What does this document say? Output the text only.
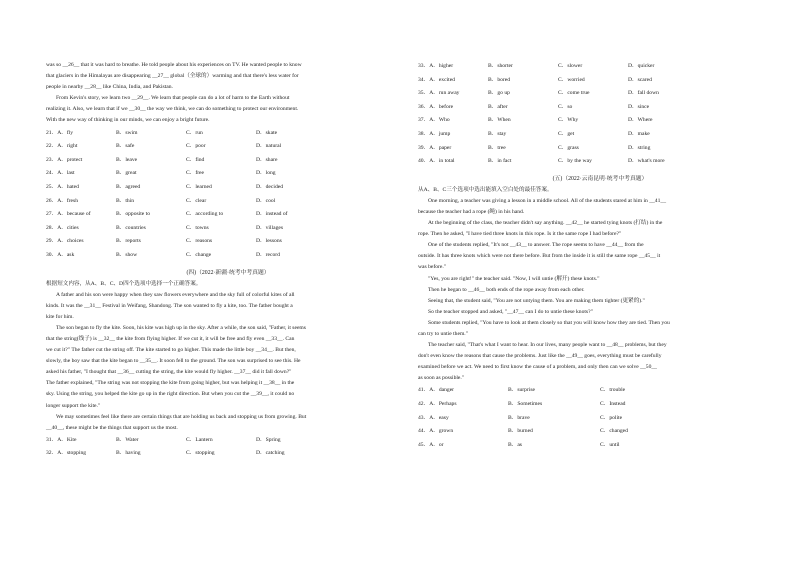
was so __26__ that it was hard to breathe. He told people about his experiences on TV. He wanted people to know

that glaciers in the Himalayas are disappearing __27__ global（全球的）warming and that there's less water for

people in nearby __28__ like China, India, and Pakistan.

From Kevin's story, we learn two __29__. We learn that people can do a lot of harm to the Earth without

realizing it. Also, we learn that if we __30__ the way we think, we can do something to protect our environment.

With the new way of thinking in our minds, we can enjoy a bright future.

21．A．fly	B．swim	C．run	D．skate
22．A．right	B．safe	C．poor	D．natural
23．A．protect	B．leave	C．find	D．share
24．A．last	B．great	C．free	D．long
25．A．hated	B．agreed	C．learned	D．decided
26．A．fresh	B．thin	C．clear	D．cool
27．A．because of	B．opposite to	C．according to	D．instead of
28．A．cities	B．countries	C．towns	D．villages
29．A．choices	B．reports	C．reasons	D．lessons
30．A．ask	B．show	C．change	D．record
(四)（2022·新疆·统考中考真题）

根据短文内容，从A、B、C、D四个选项中选择一个正确答案。

A father and his son were happy when they saw flowers everywhere and the sky full of colorful kites of all

kinds. It was the __31__ Festival in Weifang, Shandong. The son wanted to fly a kite, too. The father bought a

kite for him.

The son began to fly the kite. Soon, his kite was high up in the sky. After a while, the son said, "Father, it seems

that the string(线子) is __32__ the kite from flying higher. If we cut it, it will be free and fly even __33__. Can

we cut it?" The father cut the string off. The kite started to go higher. This made the little boy __34__. But then,

slowly, the boy saw that the kite began to __35__. It soon fell to the ground. The son was surprised to see this. He

asked his father, "I thought that __36__ cutting the string, the kite would fly higher. __37__ did it fall down?"

The father explained, "The string was not stopping the kite from going higher, but was helping it __38__ in the

sky. Using the string, you helped the kite go up in the right direction. But when you cut the __39__, it could no

longer support the kite."

We may sometimes feel like there are certain things that are holding us back and stopping us from growing. But

__40__, these might be the things that support us the most.

31．A．Kite	B．Water	C．Lantern	D．Spring
32．A．stopping	B．having	C．stopping	D．catching
33．A．higher	B．shorter	C．slower	D．quicker
34．A．excited	B．bored	C．worried	D．scared
35．A．run away	B．go up	C．come true	D．fall down
36．A．before	B．after	C．so	D．since
37．A．Who	B．When	C．Why	D．Where
38．A．jump	B．stay	C．get	D．make
39．A．paper	B．tree	C．grass	D．string
40．A．in total	B．in fact	C．by the way	D．what's more
(五)（2022·云南昆明·统考中考真题）

从A、B、C三个选项中选出能填入空白处的最佳答案。

One morning, a teacher was giving a lesson in a middle school. All of the students stared at him in __41__

because the teacher had a rope (绳) in his hand.

At the beginning of the class, the teacher didn't say anything. __42__ he started tying knots (打结) in the

rope. Then he asked, "I have tied three knots in this rope. Is it the same rope I had before?"

One of the students replied, "It's not __43__ to answer. The rope seems to have __44__ from the

outside. It has three knots which were not there before. But from the inside it is still the same rope __45__ it

was before."

"Yes, you are right!" the teacher said. "Now, I will untie (解开) these knots."

Then he began to __46__ both ends of the rope away from each other.

Seeing that, the student said, "You are not untying them. You are making them tighter (更紧的)."

So the teacher stopped and asked, "__47__ can I do to untie these knots?"

Some students replied, "You have to look at them closely so that you will know how they are tied. Then you

can try to untie them."

The teacher said, "That's what I want to hear. In our lives, many people want to __48__ problems, but they

don't even know the reasons that cause the problems. Just like the __49__ goes, everything must be carefully

examined before we act. We need to first know the cause of a problem, and only then can we solve __50__

as soon as possible."

41．A．danger	B．surprise	C．trouble
42．A．Perhaps	B．Sometimes	C．Instead
43．A．easy	B．brave	C．polite
44．A．grown	B．burned	C．changed
45．A．or	B．as	C．until
